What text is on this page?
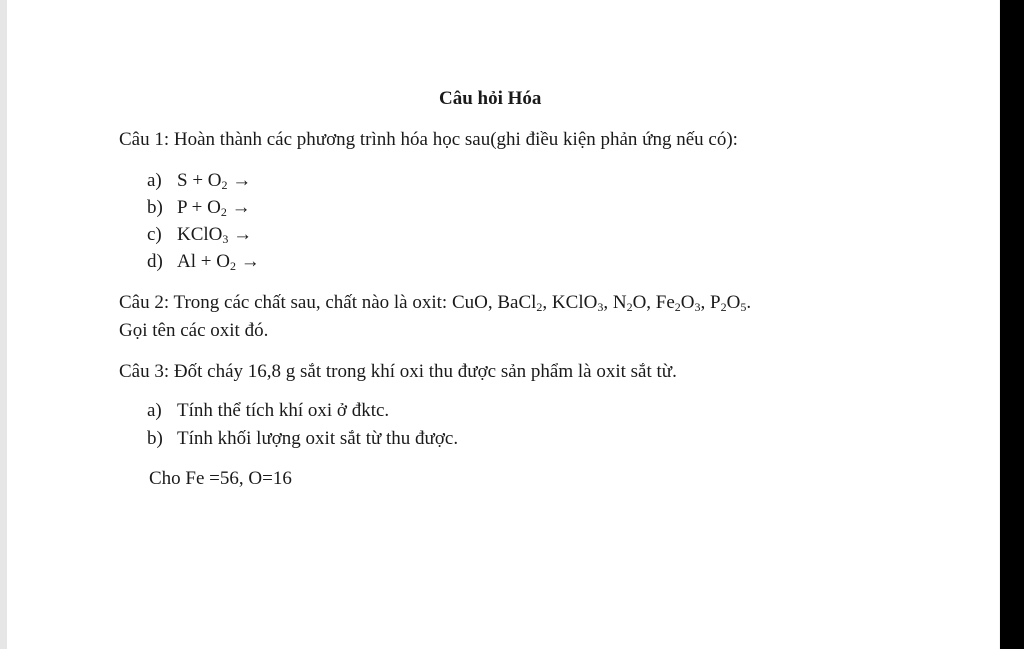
Câu hỏi Hóa
Câu 1: Hoàn thành các phương trình hóa học sau(ghi điều kiện phản ứng nếu có):
a) $S + O_2$ →
b) $P + O_2$ →
c) KClO$_3$ →
d) $Al + O_2$ →
Câu 2: Trong các chất sau, chất nào là oxit: CuO, BaCl$_2$, KClO$_3$, $N_2O$, $Fe_2O_3$, $P_2O_5$.
Gọi tên các oxit đó.
Câu 3: Đốt cháy 16,8 g sắt trong khí oxi thu được sản phẩm là oxit sắt từ.
a) Tính thể tích khí oxi ở đktc.
b) Tính khối lượng oxit sắt từ thu được.
Cho Fe =56, O=16
